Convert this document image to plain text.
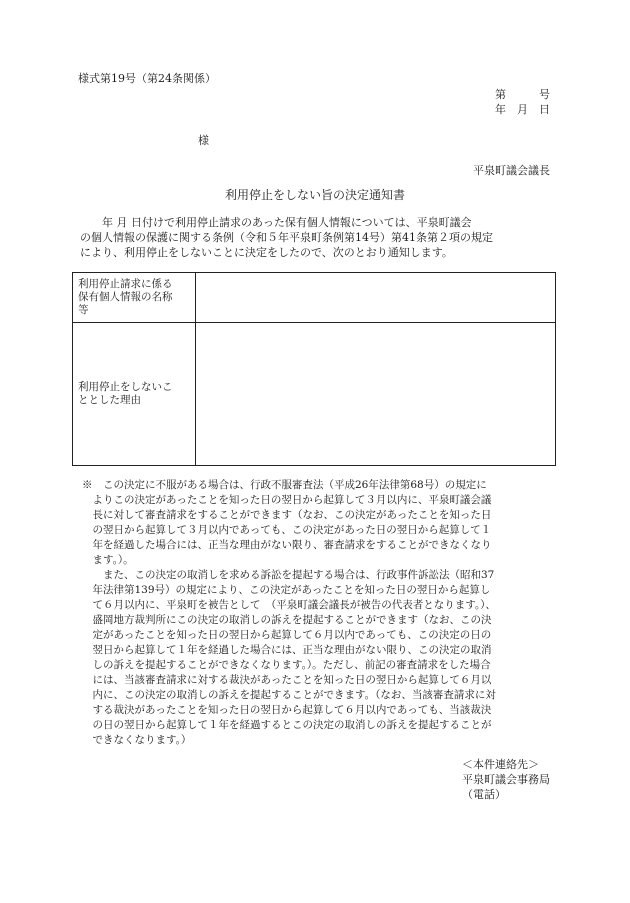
様式第19号（第24条関係）
第　　　号
年　月　日
様
平泉町議会議長
利用停止をしない旨の決定通知書
　　年 月 日付けで利用停止請求のあった保有個人情報については、平泉町議会
の個人情報の保護に関する条例（令和５年平泉町条例第14号）第41条第２項の規定
により、利用停止をしないことに決定をしたので、次のとおり通知します。
利用停止請求に係る
保有個人情報の名称
等	

利用停止をしないこ
ととした理由	

※　この決定に不服がある場合は、行政不服審査法（平成26年法律第68号）の規定に
　よりこの決定があったことを知った日の翌日から起算して３月以内に、平泉町議会議
　長に対して審査請求をすることができます（なお、この決定があったことを知った日
　の翌日から起算して３月以内であっても、この決定があった日の翌日から起算して１
　年を経過した場合には、正当な理由がない限り、審査請求をすることができなくなり
　ます。）。
　　また、この決定の取消しを求める訴訟を提起する場合は、行政事件訴訟法（昭和37
　年法律第139号）の規定により、この決定があったことを知った日の翌日から起算し
　て６月以内に、平泉町を被告として　（平泉町議会議長が被告の代表者となります。）、
　盛岡地方裁判所にこの決定の取消しの訴えを提起することができます（なお、この決
　定があったことを知った日の翌日から起算して６月以内であっても、この決定の日の
　翌日から起算して１年を経過した場合には、正当な理由がない限り、この決定の取消
　しの訴えを提起することができなくなります。）。ただし、前記の審査請求をした場合
　には、当該審査請求に対する裁決があったことを知った日の翌日から起算して６月以
　内に、この決定の取消しの訴えを提起することができます。（なお、当該審査請求に対
　する裁決があったことを知った日の翌日から起算して６月以内であっても、当該裁決
　の日の翌日から起算して１年を経過するとこの決定の取消しの訴えを提起することが
　できなくなります。）
＜本件連絡先＞
平泉町議会事務局
（電話）
